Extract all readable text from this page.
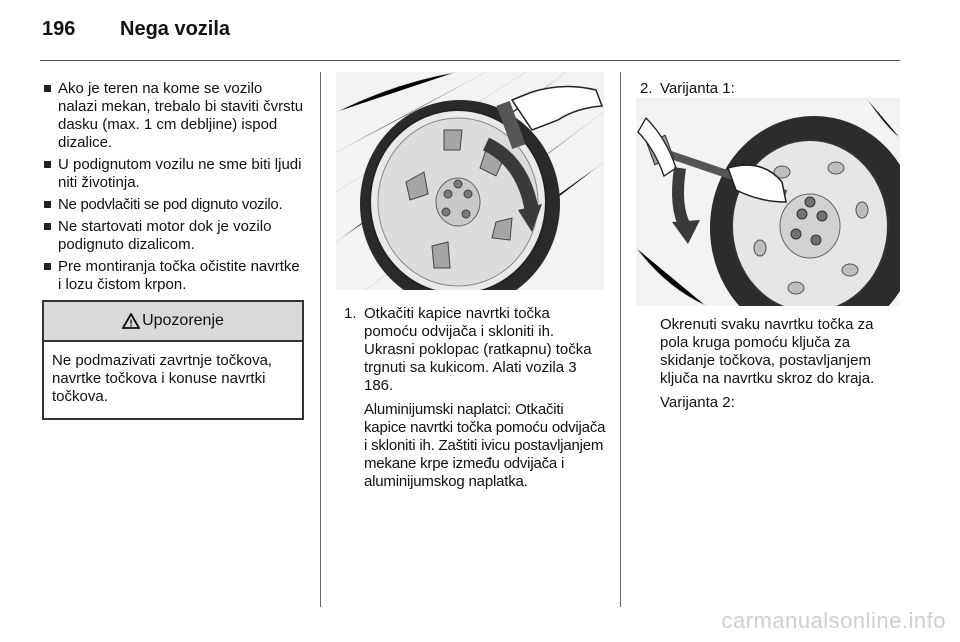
196	Nega vozila
Ako je teren na kome se vozilo nalazi mekan, trebalo bi staviti čvrstu dasku (max. 1 cm debljine) ispod dizalice.
U podignutom vozilu ne sme biti ljudi niti životinja.
Ne podvlačiti se pod dignuto vozilo.
Ne startovati motor dok je vozilo podignuto dizalicom.
Pre montiranja točka očistite navrtke i lozu čistom krpon.
! Upozorenje
Ne podmazivati zavrtnje točkova, navrtke točkova i konuse navrtki točkova.
1. Otkačiti kapice navrtki točka pomoću odvijača i skloniti ih. Ukrasni poklopac (ratkapnu) točka trgnuti sa kukicom. Alati vozila 3 186.

Aluminijumski naplatci: Otkačiti kapice navrtki točka pomoću odvijača i skloniti ih. Zaštiti ivicu postavljanjem mekane krpe između odvijača i aluminijumskog naplatka.

2. Varijanta 1:

Okrenuti svaku navrtku točka za pola kruga pomoću ključa za skidanje točkova, postavljanjem ključa na navrtku skroz do kraja.

Varijanta 2:

carmanualsonline.info
